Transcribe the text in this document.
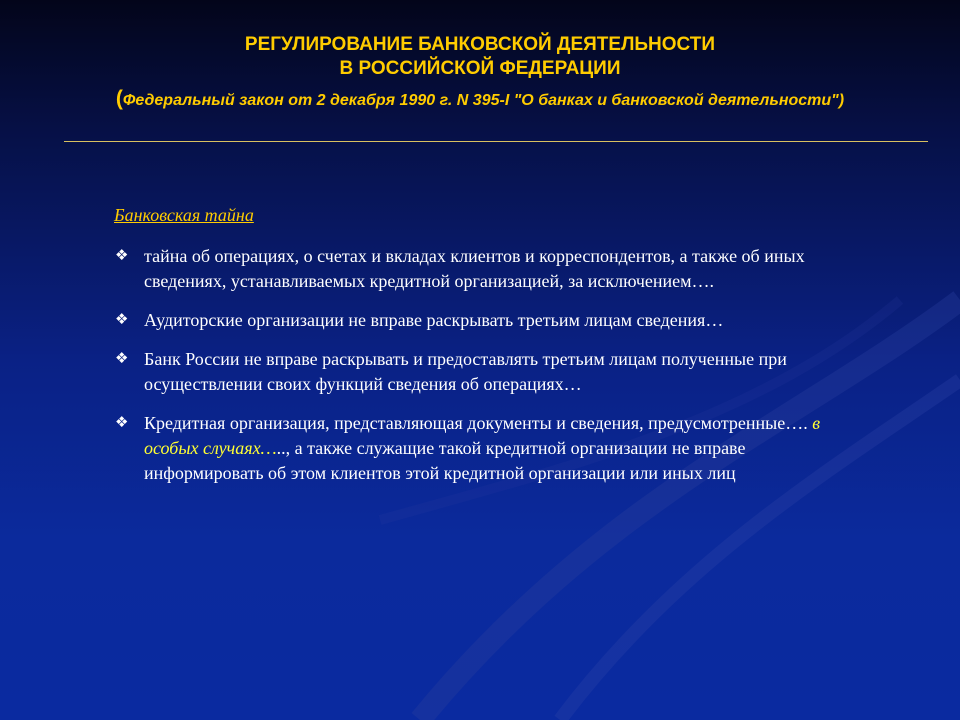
РЕГУЛИРОВАНИЕ БАНКОВСКОЙ ДЕЯТЕЛЬНОСТИ
В РОССИЙСКОЙ ФЕДЕРАЦИИ
(Федеральный закон от 2 декабря 1990 г. N 395-I "О банках и банковской деятельности")
Банковская тайна
❖ тайна об операциях, о счетах и вкладах клиентов и корреспондентов, а также об иных сведениях, устанавливаемых кредитной организацией, за исключением….
❖ Аудиторские организации не вправе раскрывать третьим лицам сведения…
❖ Банк России не вправе раскрывать и предоставлять третьим лицам полученные при осуществлении своих функций сведения об операциях…
❖ Кредитная организация, представляющая документы и сведения, предусмотренные…. в особых случаях….., а также служащие такой кредитной организации не вправе информировать об этом клиентов этой кредитной организации или иных лиц
